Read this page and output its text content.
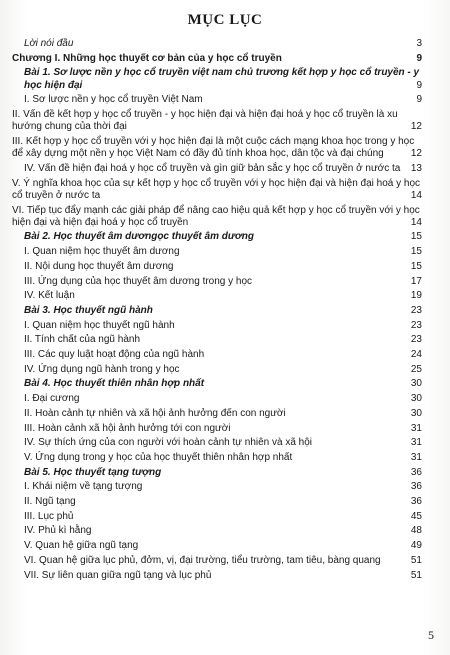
MỤC LỤC
Lời nói đầu	3
Chương I. Những học thuyết cơ bản của y học cổ truyền	9
Bài 1. Sơ lược nền y học cổ truyền việt nam chủ trương kết hợp y học cổ truyền - y học hiện đại	9
I. Sơ lược nền y học cổ truyền Việt Nam	9
II. Vấn đề kết hợp y học cổ truyền - y học hiện đại và hiện đại hoá y học cổ truyền là xu hướng chung của thời đại	12
III. Kết hợp y học cổ truyền với y học hiện đại là một cuộc cách mạng khoa học trong y học để xây dựng một nền y học Việt Nam có đầy đủ tính khoa học, dân tộc và đại chúng	12
IV. Vấn đề hiện đại hoá y học cổ truyền và gìn giữ bản sắc y học cổ truyền ở nước ta	13
V. Ý nghĩa khoa học của sự kết hợp y học cổ truyền với y học hiện đại và hiện đại hoá y học cổ truyền ở nước ta	14
VI. Tiếp tục đẩy mạnh các giải pháp để nâng cao hiệu quả kết hợp y học cổ truyền với y học hiện đại và hiện đại hoá y học cổ truyền	14
Bài 2. Học thuyết âm dươngọc thuyết âm dương	15
I. Quan niệm học thuyết âm dương	15
II. Nội dung học thuyết âm dương	15
III. Ứng dụng của học thuyết âm dương trong y học	17
IV. Kết luận	19
Bài 3. Học thuyết ngũ hành	23
I. Quan niệm học thuyết ngũ hành	23
II. Tính chất của ngũ hành	23
III. Các quy luật hoạt động của ngũ hành	24
IV. Ứng dụng ngũ hành trong y học	25
Bài 4. Học thuyết thiên nhân hợp nhất	30
I. Đại cương	30
II. Hoàn cảnh tự nhiên và xã hội ảnh hưởng đến con người	30
III. Hoàn cảnh xã hội ảnh hưởng tới con người	31
IV. Sự thích ứng của con người với hoàn cảnh tự nhiên và xã hội	31
V. Ứng dụng trong y học của học thuyết thiên nhân hợp nhất	31
Bài 5. Học thuyết tạng tượng	36
I. Khái niệm về tạng tượng	36
II. Ngũ tạng	36
III. Lục phủ	45
IV. Phủ kì hằng	48
V. Quan hệ giữa ngũ tạng	49
VI. Quan hệ giữa lục phủ, đởm, vị, đại trường, tiểu trường, tam tiêu, bàng quang	51
VII. Sự liên quan giữa ngũ tạng và lục phủ	51
5
